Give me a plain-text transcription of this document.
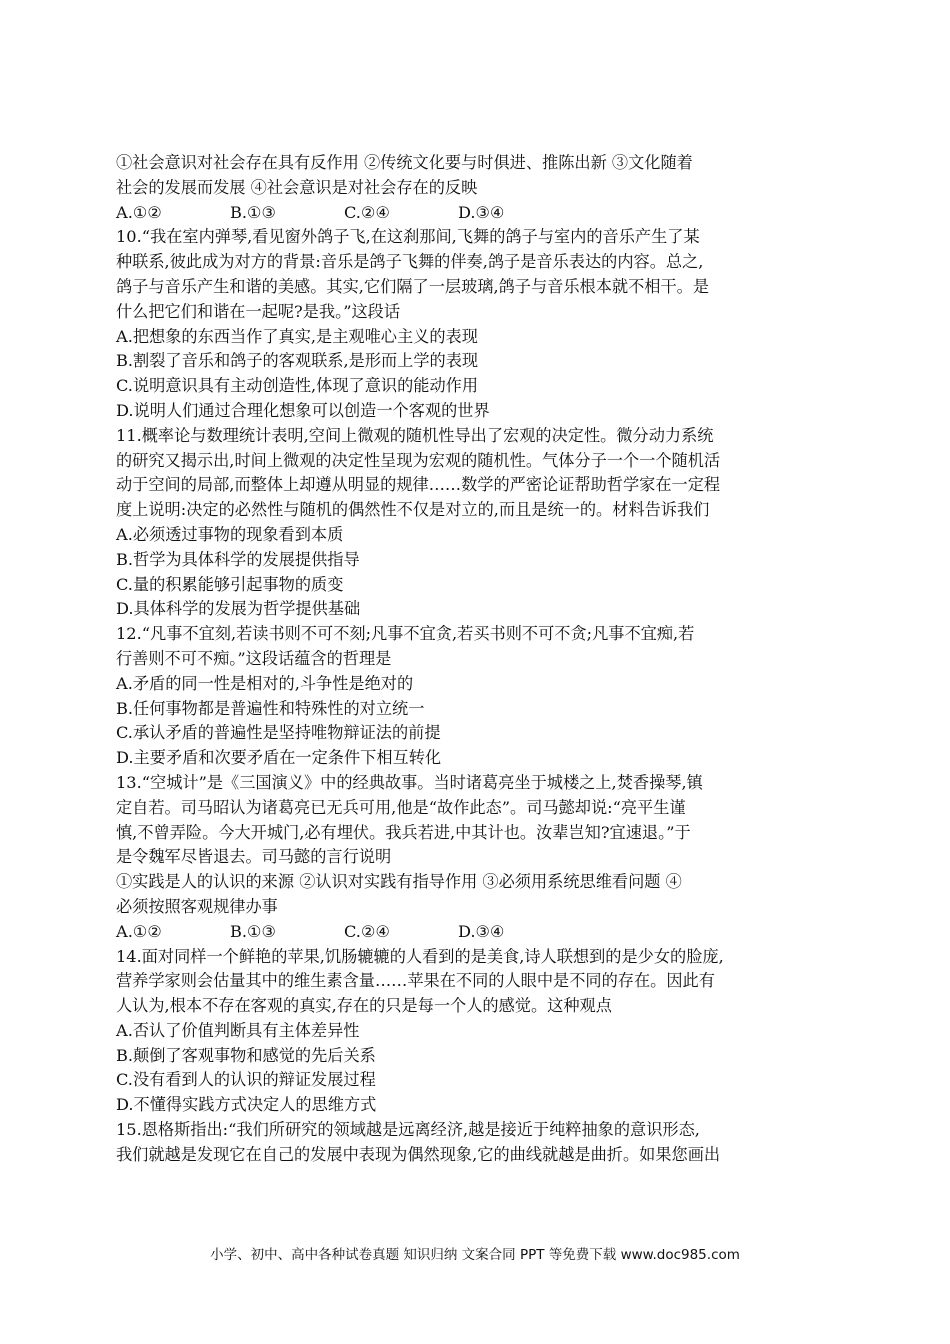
①社会意识对社会存在具有反作用 ②传统文化要与时俱进、推陈出新 ③文化随着

社会的发展而发展 ④社会意识是对社会存在的反映

A.①②	B.①③	C.②④	D.③④

10.“我在室内弹琴,看见窗外鸽子飞,在这刹那间,飞舞的鸽子与室内的音乐产生了某

种联系,彼此成为对方的背景:音乐是鸽子飞舞的伴奏,鸽子是音乐表达的内容。总之,

鸽子与音乐产生和谐的美感。其实,它们隔了一层玻璃,鸽子与音乐根本就不相干。是

什么把它们和谐在一起呢?是我。”这段话

A.把想象的东西当作了真实,是主观唯心主义的表现

B.割裂了音乐和鸽子的客观联系,是形而上学的表现

C.说明意识具有主动创造性,体现了意识的能动作用

D.说明人们通过合理化想象可以创造一个客观的世界

11.概率论与数理统计表明,空间上微观的随机性导出了宏观的决定性。微分动力系统

的研究又揭示出,时间上微观的决定性呈现为宏观的随机性。气体分子一个一个随机活

动于空间的局部,而整体上却遵从明显的规律……数学的严密论证帮助哲学家在一定程

度上说明:决定的必然性与随机的偶然性不仅是对立的,而且是统一的。材料告诉我们

A.必须透过事物的现象看到本质

B.哲学为具体科学的发展提供指导

C.量的积累能够引起事物的质变

D.具体科学的发展为哲学提供基础

12.“凡事不宜刻,若读书则不可不刻;凡事不宜贪,若买书则不可不贪;凡事不宜痴,若

行善则不可不痴。”这段话蕴含的哲理是

A.矛盾的同一性是相对的,斗争性是绝对的

B.任何事物都是普遍性和特殊性的对立统一

C.承认矛盾的普遍性是坚持唯物辩证法的前提

D.主要矛盾和次要矛盾在一定条件下相互转化

13.“空城计”是《三国演义》中的经典故事。当时诸葛亮坐于城楼之上,焚香操琴,镇

定自若。司马昭认为诸葛亮已无兵可用,他是“故作此态”。司马懿却说:“亮平生谨

慎,不曾弄险。今大开城门,必有埋伏。我兵若进,中其计也。汝辈岂知?宜速退。”于

是令魏军尽皆退去。司马懿的言行说明

①实践是人的认识的来源 ②认识对实践有指导作用 ③必须用系统思维看问题 ④

必须按照客观规律办事

A.①②	B.①③	C.②④	D.③④

14.面对同样一个鲜艳的苹果,饥肠辘辘的人看到的是美食,诗人联想到的是少女的脸庞,

营养学家则会估量其中的维生素含量……苹果在不同的人眼中是不同的存在。因此有

人认为,根本不存在客观的真实,存在的只是每一个人的感觉。这种观点

A.否认了价值判断具有主体差异性

B.颠倒了客观事物和感觉的先后关系

C.没有看到人的认识的辩证发展过程

D.不懂得实践方式决定人的思维方式

15.恩格斯指出:“我们所研究的领域越是远离经济,越是接近于纯粹抽象的意识形态,

我们就越是发现它在自己的发展中表现为偶然现象,它的曲线就越是曲折。如果您画出

小学、初中、高中各种试卷真题 知识归纳 文案合同 PPT 等免费下载 www.doc985.com
